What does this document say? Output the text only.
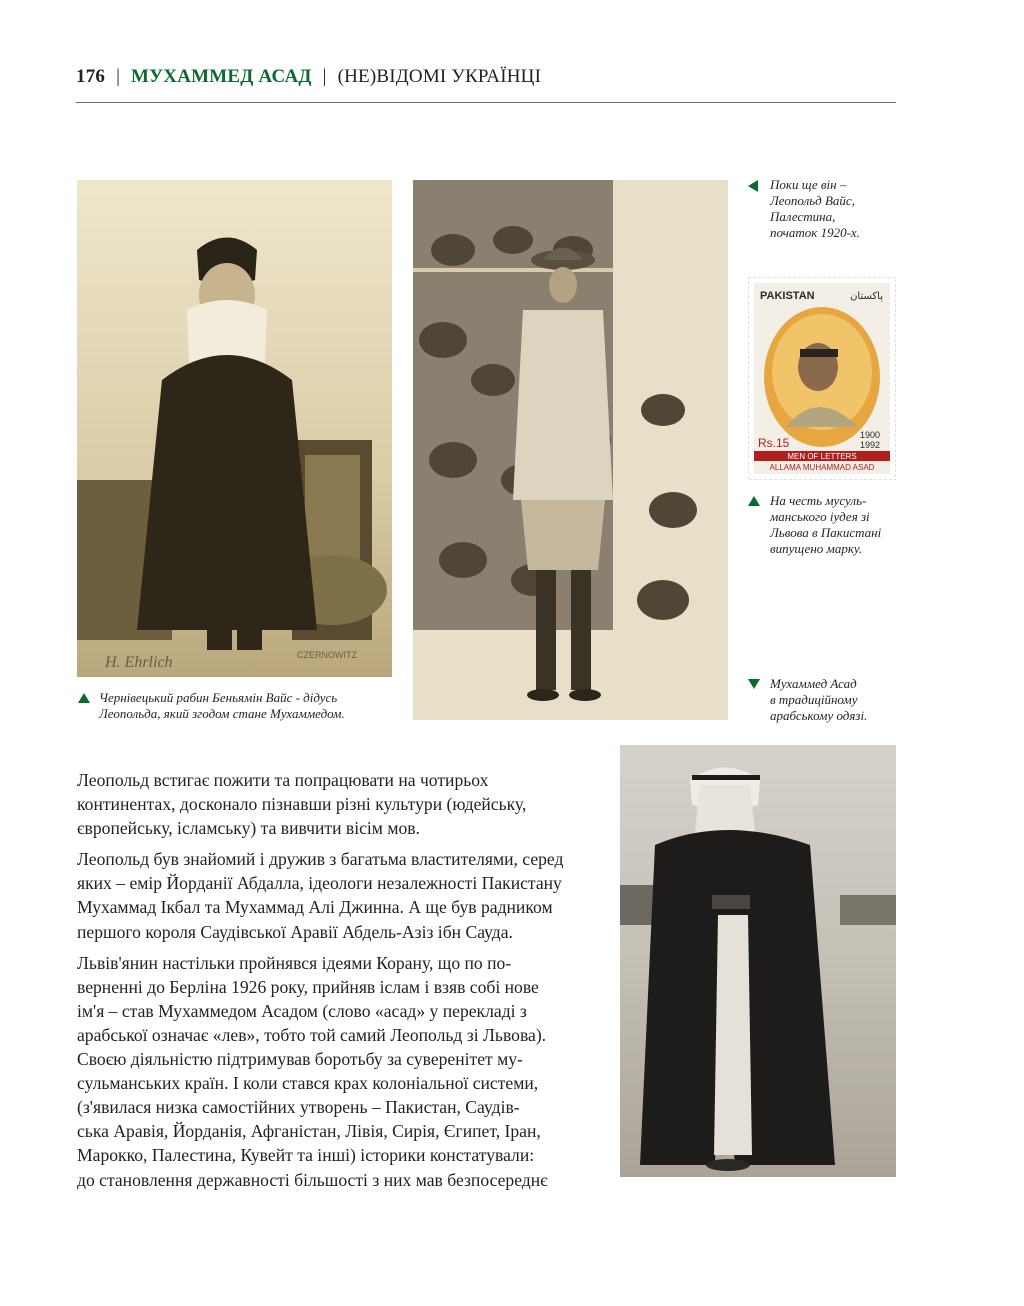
176 | МУХАММЕД АСАД | (НЕ)ВІДОМІ УКРАЇНЦІ
H. Ehrlich	CZERNOWITZ
PAKISTAN	پاکستان
Rs.15
1900
1992
MEN OF LETTERS
ALLAMA MUHAMMAD ASAD
Чернівецький рабин Беньямін Вайс - дідусь Леопольда, який згодом стане Мухаммедом.
Поки ще він –
Леопольд Вайс,
Палестина,
початок 1920-х.
На честь мусуль-
манського іудея зі
Львова в Пакистані
випущено марку.
Мухаммед Асад
в традиційному
арабському одязі.

Леопольд встигає пожити та попрацювати на чотирьох
континентах, досконало пізнавши різні культури (юдейську,
європейську, ісламську) та вивчити вісім мов.

Леопольд був знайомий і дружив з багатьма властителями, серед
яких – емір Йорданії Абдалла, ідеологи незалежності Пакистану
Мухаммад Ікбал та Мухаммад Алі Джинна. А ще був радником
першого короля Саудівської Аравії Абдель-Азіз ібн Сауда.

Львів'янин настільки пройнявся ідеями Корану, що по по-
верненні до Берліна 1926 року, прийняв іслам і взяв собі нове
ім'я – став Мухаммедом Асадом (слово «асад» у перекладі з
арабської означає «лев», тобто той самий Леопольд зі Львова).
Своєю діяльністю підтримував боротьбу за суверенітет му-
сульманських країн. І коли стався крах колоніальної системи,
(з'явилася низка самостійних утворень – Пакистан, Саудів-
ська Аравія, Йорданія, Афганістан, Лівія, Сирія, Єгипет, Іран,
Марокко, Палестина, Кувейт та інші) історики констатували:
до становлення державності більшості з них мав безпосереднє
